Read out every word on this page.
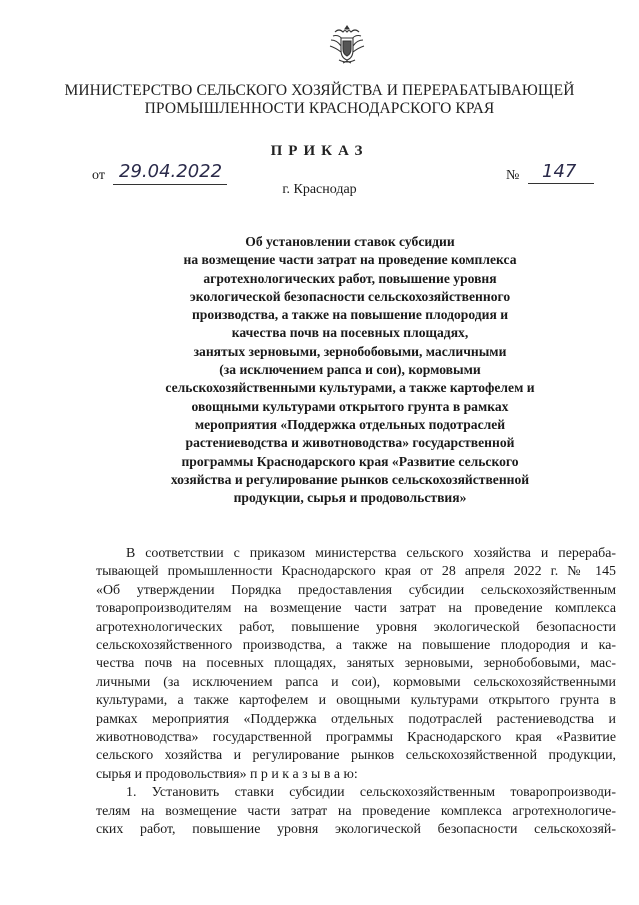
МИНИСТЕРСТВО СЕЛЬСКОГО ХОЗЯЙСТВА И ПЕРЕРАБАТЫВАЮЩЕЙ
ПРОМЫШЛЕННОСТИ КРАСНОДАРСКОГО КРАЯ
ПРИКАЗ
от 29.04.2022	№	147
г. Краснодар
Об установлении ставок субсидии
на возмещение части затрат на проведение комплекса
агротехнологических работ, повышение уровня
экологической безопасности сельскохозяйственного
производства, а также на повышение плодородия и
качества почв на посевных площадях,
занятых зерновыми, зернобобовыми, масличными
(за исключением рапса и сои), кормовыми
сельскохозяйственными культурами, а также картофелем и
овощными культурами открытого грунта в рамках
мероприятия «Поддержка отдельных подотраслей
растениеводства и животноводства» государственной
программы Краснодарского края «Развитие сельского
хозяйства и регулирование рынков сельскохозяйственной
продукции, сырья и продовольствия»
В соответствии с приказом министерства сельского хозяйства и перераба-
тывающей промышленности Краснодарского края от 28 апреля 2022 г. № 145
«Об утверждении Порядка предоставления субсидии сельскохозяйственным
товаропроизводителям на возмещение части затрат на проведение комплекса
агротехнологических работ, повышение уровня экологической безопасности
сельскохозяйственного производства, а также на повышение плодородия и ка-
чества почв на посевных площадях, занятых зерновыми, зернобобовыми, мас-
личными (за исключением рапса и сои), кормовыми сельскохозяйственными
культурами, а также картофелем и овощными культурами открытого грунта в
рамках мероприятия «Поддержка отдельных подотраслей растениеводства и
животноводства» государственной программы Краснодарского края «Развитие
сельского хозяйства и регулирование рынков сельскохозяйственной продукции,
сырья и продовольствия» п р и к а з ы в а ю:
1. Установить ставки субсидии сельскохозяйственным товаропроизводи-
телям на возмещение части затрат на проведение комплекса агротехнологиче-
ских работ, повышение уровня экологической безопасности сельскохозяй-
